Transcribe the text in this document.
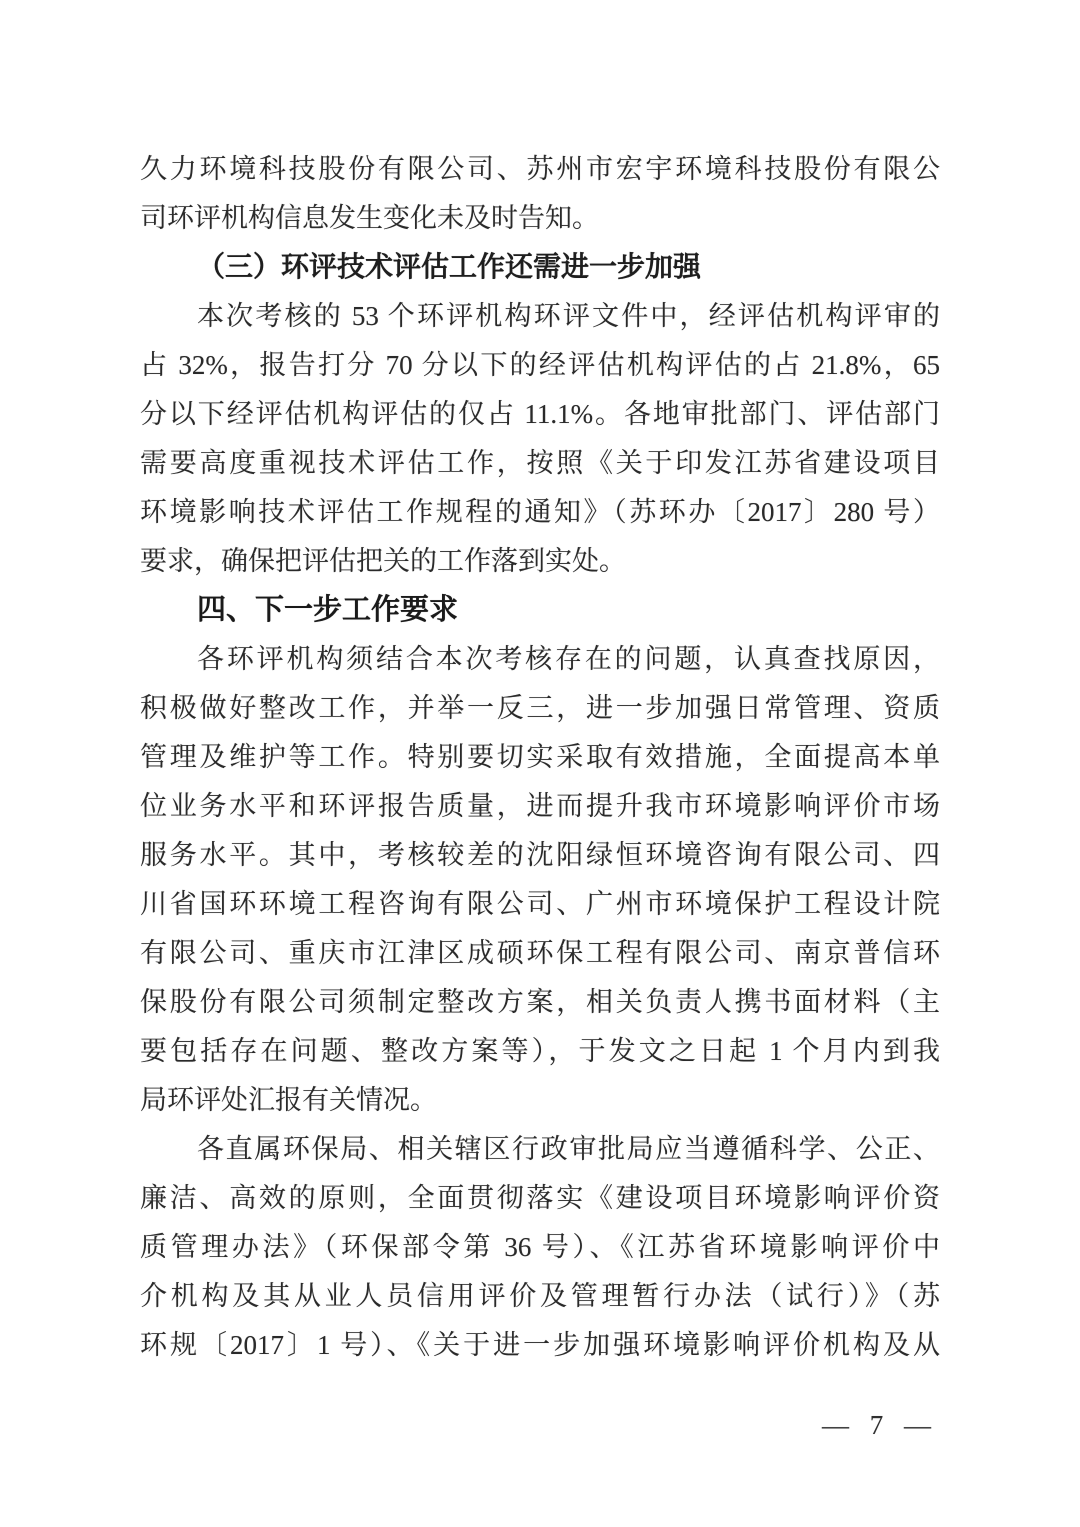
久力环境科技股份有限公司、苏州市宏宇环境科技股份有限公
司环评机构信息发生变化未及时告知。
（三）环评技术评估工作还需进一步加强
本次考核的 53 个环评机构环评文件中，经评估机构评审的
占 32%，报告打分 70 分以下的经评估机构评估的占 21.8%，65
分以下经评估机构评估的仅占 11.1%。各地审批部门、评估部门
需要高度重视技术评估工作，按照《关于印发江苏省建设项目
环境影响技术评估工作规程的通知》（苏环办〔2017〕280 号）
要求，确保把评估把关的工作落到实处。
四、下一步工作要求
各环评机构须结合本次考核存在的问题，认真查找原因，
积极做好整改工作，并举一反三，进一步加强日常管理、资质
管理及维护等工作。特别要切实采取有效措施，全面提高本单
位业务水平和环评报告质量，进而提升我市环境影响评价市场
服务水平。其中，考核较差的沈阳绿恒环境咨询有限公司、四
川省国环环境工程咨询有限公司、广州市环境保护工程设计院
有限公司、重庆市江津区成硕环保工程有限公司、南京普信环
保股份有限公司须制定整改方案，相关负责人携书面材料（主
要包括存在问题、整改方案等），于发文之日起 1 个月内到我
局环评处汇报有关情况。
各直属环保局、相关辖区行政审批局应当遵循科学、公正、
廉洁、高效的原则，全面贯彻落实《建设项目环境影响评价资
质管理办法》（环保部令第 36 号）、《江苏省环境影响评价中
介机构及其从业人员信用评价及管理暂行办法（试行）》（苏
环规〔2017〕1 号）、《关于进一步加强环境影响评价机构及从
— 7 —
